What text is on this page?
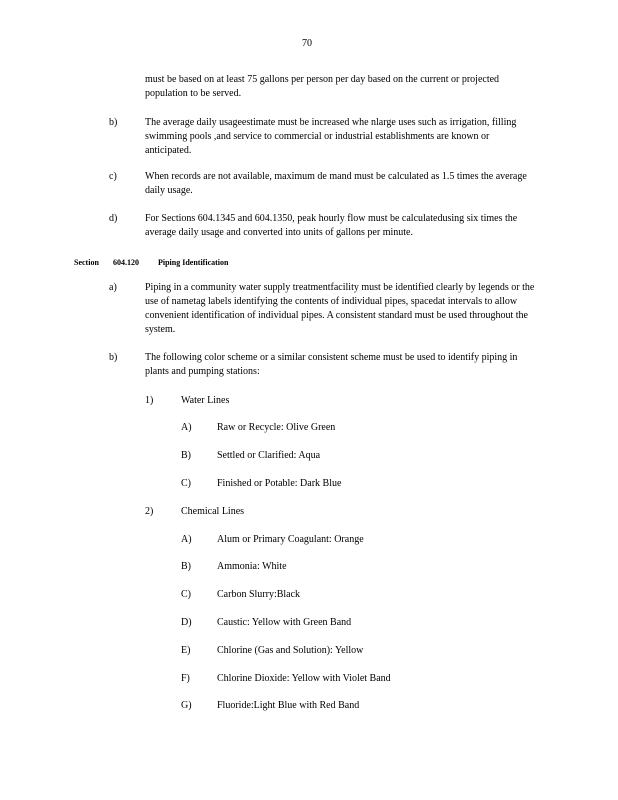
70
must be based on at least 75 gallons per person per day based on the current or projected population to be served.
b)	The average daily usageestimate must be increased whe nlarge uses such as irrigation, filling swimming pools ,and service to commercial or industrial establishments are known or anticipated.
c)	When records are not available, maximum de mand must be calculated as 1.5 times the average daily usage.
d)	For Sections 604.1345 and 604.1350, peak hourly flow must be calculatedusing six times the average daily usage and converted into units of gallons per minute.
Section 604.120 Piping Identification
a)	Piping in a community water supply treatmentfacility must be identified clearly by legends or the use of nametag labels identifying the contents of individual pipes, spacedat intervals to allow convenient identification of individual pipes. A consistent standard must be used throughout the system.
b)	The following color scheme or a similar consistent scheme must be used to identify piping in plants and pumping stations:
1)	Water Lines
A)	Raw or Recycle: Olive Green
B)	Settled or Clarified: Aqua
C)	Finished or Potable: Dark Blue
2)	Chemical Lines
A)	Alum or Primary Coagulant: Orange
B)	Ammonia: White
C)	Carbon Slurry:Black
D)	Caustic: Yellow with Green Band
E)	Chlorine (Gas and Solution): Yellow
F)	Chlorine Dioxide: Yellow with Violet Band
G)	Fluoride:Light Blue with Red Band
